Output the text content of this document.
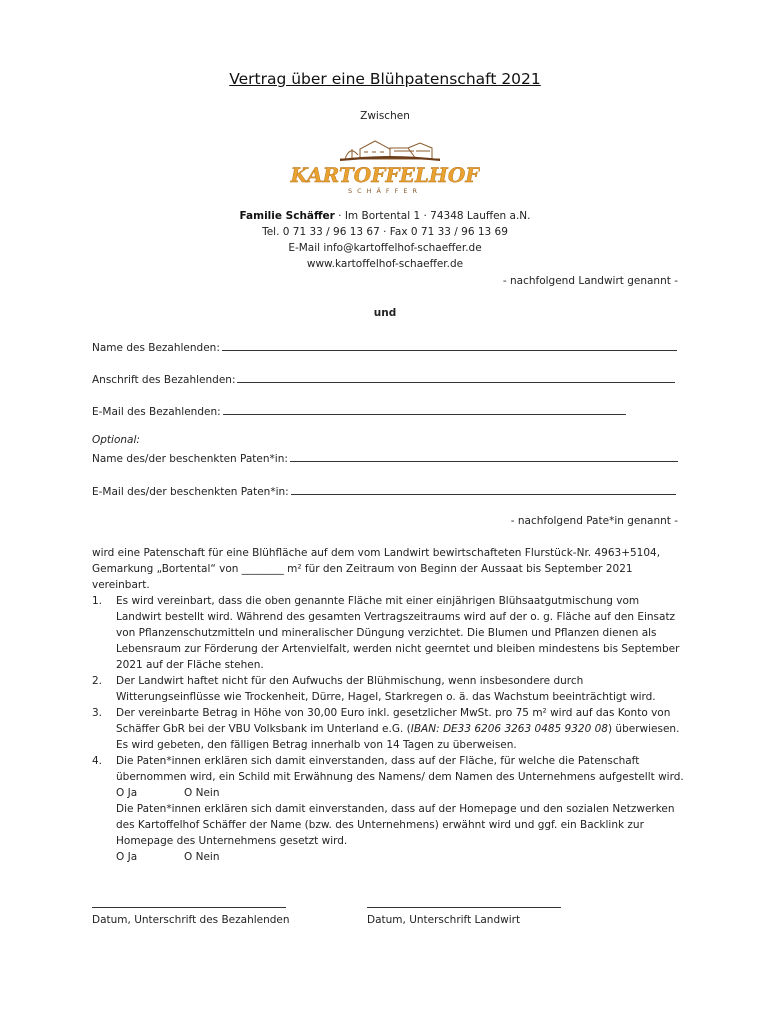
Vertrag über eine Blühpatenschaft 2021
Zwischen
KARTOFFELHOF
SCHÄFFER
Familie Schäffer · Im Bortental 1 · 74348 Lauffen a.N.
Tel. 0 71 33 / 96 13 67 · Fax 0 71 33 / 96 13 69
E-Mail info@kartoffelhof-schaeffer.de
www.kartoffelhof-schaeffer.de
- nachfolgend Landwirt genannt -
und
Name des Bezahlenden:
Anschrift des Bezahlenden:
E-Mail des Bezahlenden:
Optional:
Name des/der beschenkten Paten*in:
E-Mail des/der beschenkten Paten*in:
- nachfolgend Pate*in genannt -
wird eine Patenschaft für eine Blühfläche auf dem vom Landwirt bewirtschafteten Flurstück-Nr. 4963+5104, Gemarkung „Bortental“ von ________ m² für den Zeitraum von Beginn der Aussaat bis September 2021 vereinbart.
1. Es wird vereinbart, dass die oben genannte Fläche mit einer einjährigen Blühsaatgutmischung vom Landwirt bestellt wird. Während des gesamten Vertragszeitraums wird auf der o. g. Fläche auf den Einsatz von Pflanzenschutzmitteln und mineralischer Düngung verzichtet. Die Blumen und Pflanzen dienen als Lebensraum zur Förderung der Artenvielfalt, werden nicht geerntet und bleiben mindestens bis September 2021 auf der Fläche stehen.
2. Der Landwirt haftet nicht für den Aufwuchs der Blühmischung, wenn insbesondere durch Witterungseinflüsse wie Trockenheit, Dürre, Hagel, Starkregen o. ä. das Wachstum beeinträchtigt wird.
3. Der vereinbarte Betrag in Höhe von 30,00 Euro inkl. gesetzlicher MwSt. pro 75 m² wird auf das Konto von Schäffer GbR bei der VBU Volksbank im Unterland e.G. (IBAN: DE33 6206 3263 0485 9320 08) überwiesen. Es wird gebeten, den fälligen Betrag innerhalb von 14 Tagen zu überweisen.
4. Die Paten*innen erklären sich damit einverstanden, dass auf der Fläche, für welche die Patenschaft übernommen wird, ein Schild mit Erwähnung des Namens/ dem Namen des Unternehmens aufgestellt wird.
O Ja	O Nein
Die Paten*innen erklären sich damit einverstanden, dass auf der Homepage und den sozialen Netzwerken des Kartoffelhof Schäffer der Name (bzw. des Unternehmens) erwähnt wird und ggf. ein Backlink zur Homepage des Unternehmens gesetzt wird.
O Ja	O Nein
Datum, Unterschrift des Bezahlenden	Datum, Unterschrift Landwirt
